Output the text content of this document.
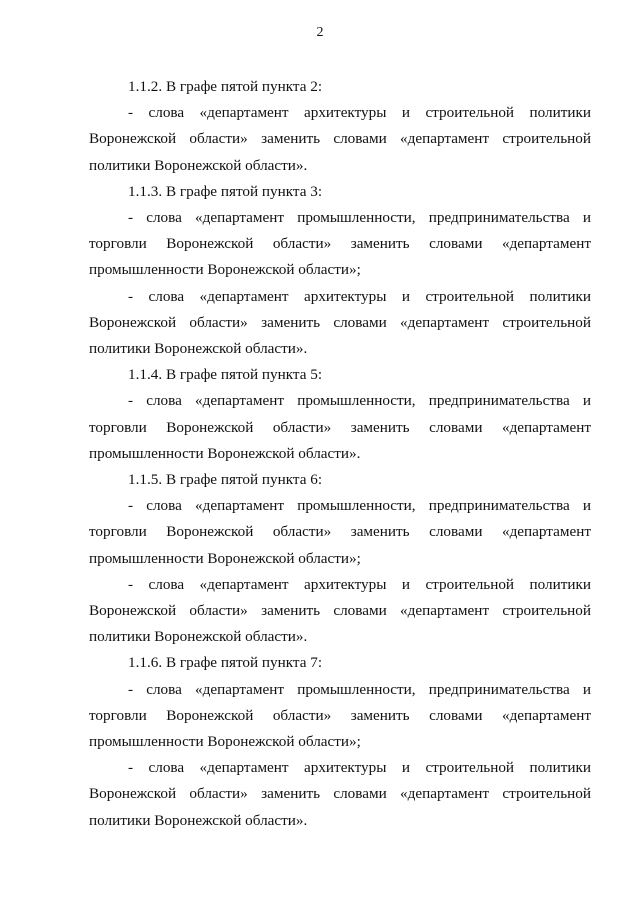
2

1.1.2. В графе пятой пункта 2:

- слова «департамент архитектуры и строительной политики Воронежской области» заменить словами «департамент строительной политики Воронежской области».

1.1.3. В графе пятой пункта 3:

- слова «департамент промышленности, предпринимательства и торговли Воронежской области» заменить словами «департамент промышленности Воронежской области»;

- слова «департамент архитектуры и строительной политики Воронежской области» заменить словами «департамент строительной политики Воронежской области».

1.1.4. В графе пятой пункта 5:

- слова «департамент промышленности, предпринимательства и торговли Воронежской области» заменить словами «департамент промышленности Воронежской области».

1.1.5. В графе пятой пункта 6:

- слова «департамент промышленности, предпринимательства и торговли Воронежской области» заменить словами «департамент промышленности Воронежской области»;

- слова «департамент архитектуры и строительной политики Воронежской области» заменить словами «департамент строительной политики Воронежской области».

1.1.6. В графе пятой пункта 7:

- слова «департамент промышленности, предпринимательства и торговли Воронежской области» заменить словами «департамент промышленности Воронежской области»;

- слова «департамент архитектуры и строительной политики Воронежской области» заменить словами «департамент строительной политики Воронежской области».
